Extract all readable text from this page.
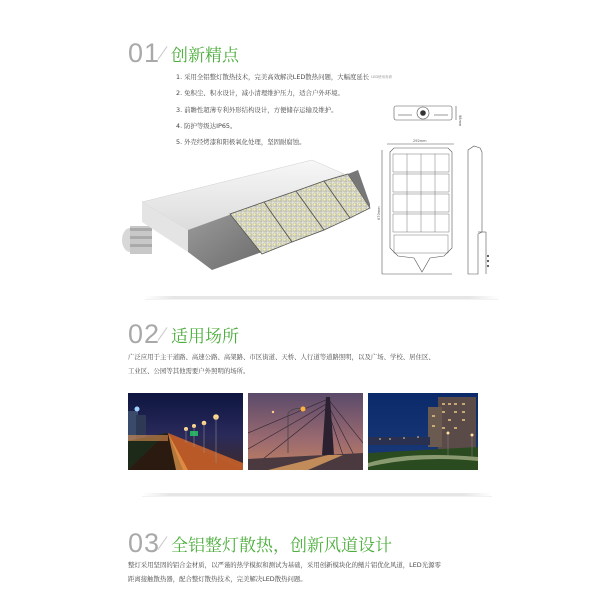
01 创新精点
1. 采用全铝整灯散热技术，完美高效解决LED散热问题，大幅度延长 $^{LED使用寿命}$
2. 免积尘、积水设计，减小清理维护压力，适合户外环境。
3. 前瞻性超薄专利外形结构设计，方便储存运输及维护。
4. 防护等级达IP65。
5. 外壳经烤漆和阳极氧化处理，坚固耐腐蚀。
98mm
292mm
670mm
02 适用场所
广泛应用于主干道路、高速公路、高架路、市区街道、天桥、人行道等道路照明，以及广场、学校、居住区、
工业区、公园等其他需要户外照明的场所。
03 全铝整灯散热，创新风道设计
整灯采用坚固的铝合金材质，以严谨的热学模拟和测试为基础，采用创新模块化的鳍片铝优化风道，LED光源零
距离接触散热器，配合整灯散热技术，完美解决LED散热问题。
